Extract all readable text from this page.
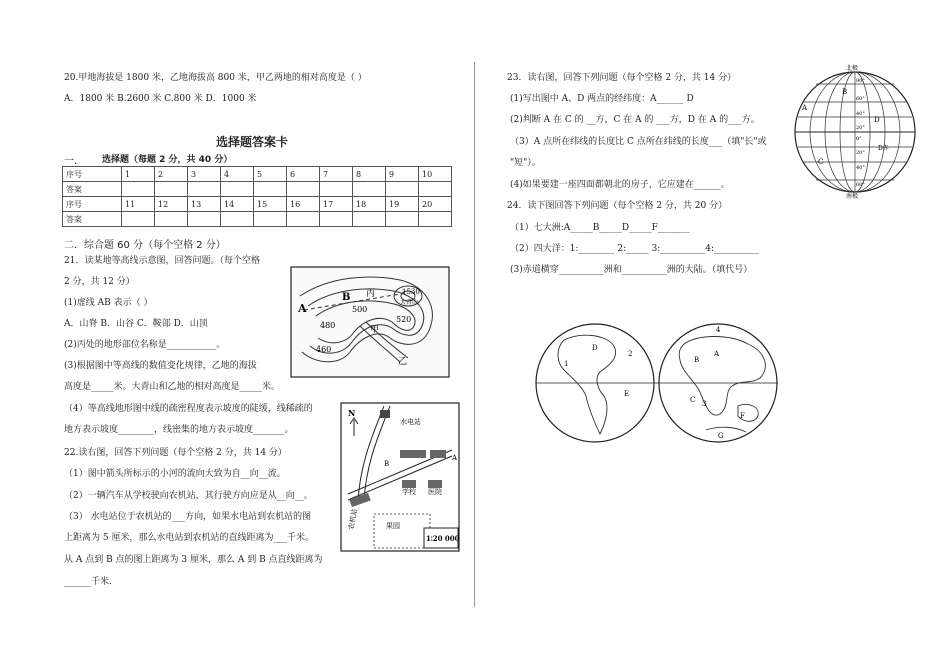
20.甲地海拔是 1800 米，乙地海拔高 800 米，甲乙两地的相对高度是（ ）
A．1800 米 B.2600 米 C.800 米 D．1000 米
选择题答案卡
一． 选择题（每题 2 分，共 40 分）
序号	1	2	3	4	5	6	7	8	9	10
答案										
序号	11	12	13	14	15	16	17	18	19	20
答案										
二．综合题 60 分（每个空格 2 分）
21．读某地等高线示意图，回答问题。（每个空格
2 分，共 12 分）
(1)虚线 AB 表示（ ）
A．山脊 B．山谷 C．鞍部 D．山顶
(2)丙处的地形部位名称是___________。
(3)根据图中等高线的数值变化规律，乙地的海拔
高度是_____米。大青山和乙地的相对高度是_____米。
（4）等高线地形图中线的疏密程度表示坡度的陡缓，线稀疏的
地方表示坡度________，线密集的地方表示坡度_______。
A
B
甲
乙
丙
480
460
500
520
1530
大青山
22.读右图，回答下列问题（每个空格 2 分，共 14 分）
（1）图中箭头所标示的小河的流向大致为自__向__流。
（2）一辆汽车从学校驶向农机站，其行驶方向应是从__向__。
（3） 水电站位于农机站的___方向，如果水电站到农机站的图
上距离为 5 厘米，那么水电站到农机站的直线距离为___千米。
从 A 点到 B 点的图上距离为 3 厘米，那么 A 到 B 点直线距离为
______千米.
N
水电站
B
A
学校 医院
农机站	果园
1∶20 000
23．读右图，回答下列问题（每个空格 2 分，共 14 分）
(1)写出图中 A、D 两点的经纬度：A______ D
(2)判断 A 在 C 的 __方，C 在 A 的 ___方，D 在 A 的___方。
（3）A 点所在纬线的长度比 C 点所在纬线的长度___（填"长"或
"短"）。
(4)如果要建一座四面都朝北的房子，它应建在______。
北极
南极
A
B
C
D
D赤
80°
60°
40°
20°
0°
20°
40°
60°
24．读下图回答下列问题（每个空格 2 分，共 20 分）
（1）七大洲:A_____B_____D_____F_______
（2）四大洋：1:________ 2:_____ 3:__________4:__________
(3)赤道横穿__________洲和__________洲的大陆。（填代号）
A
B
C
D
E
F
G
1
2
3
4
